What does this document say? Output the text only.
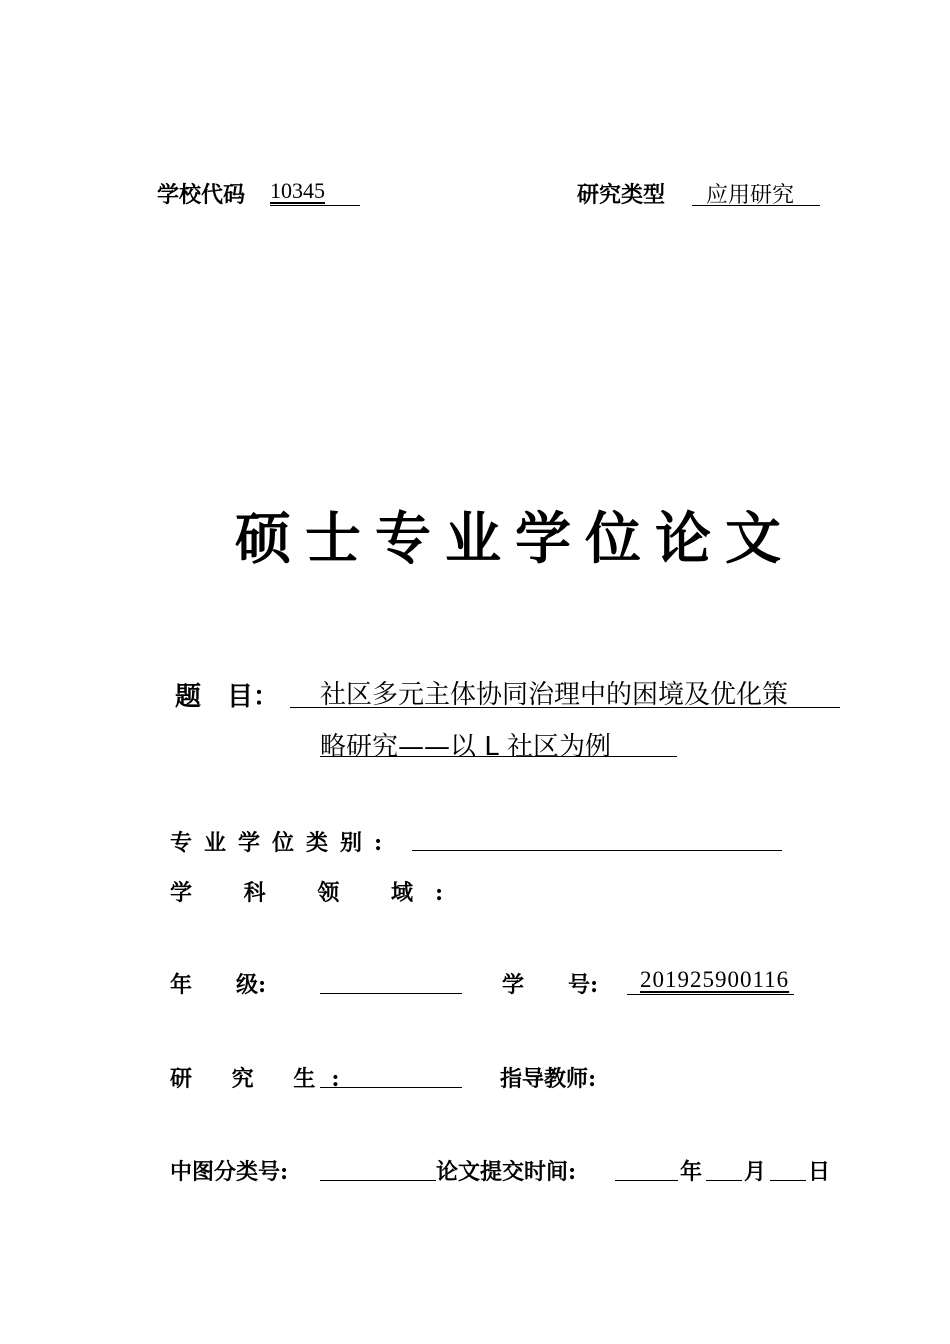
学校代码 10345	研究类型 应用研究
硕士专业学位论文
题　目： 社区多元主体协同治理中的困境及优化策
略研究——以 L 社区为例
专业学位类别:
学 科 领 域:
年　　级:	学　　号: 201925900116
研 究 生:	指导教师:
中图分类号:	论文提交时间:	年 月 日
